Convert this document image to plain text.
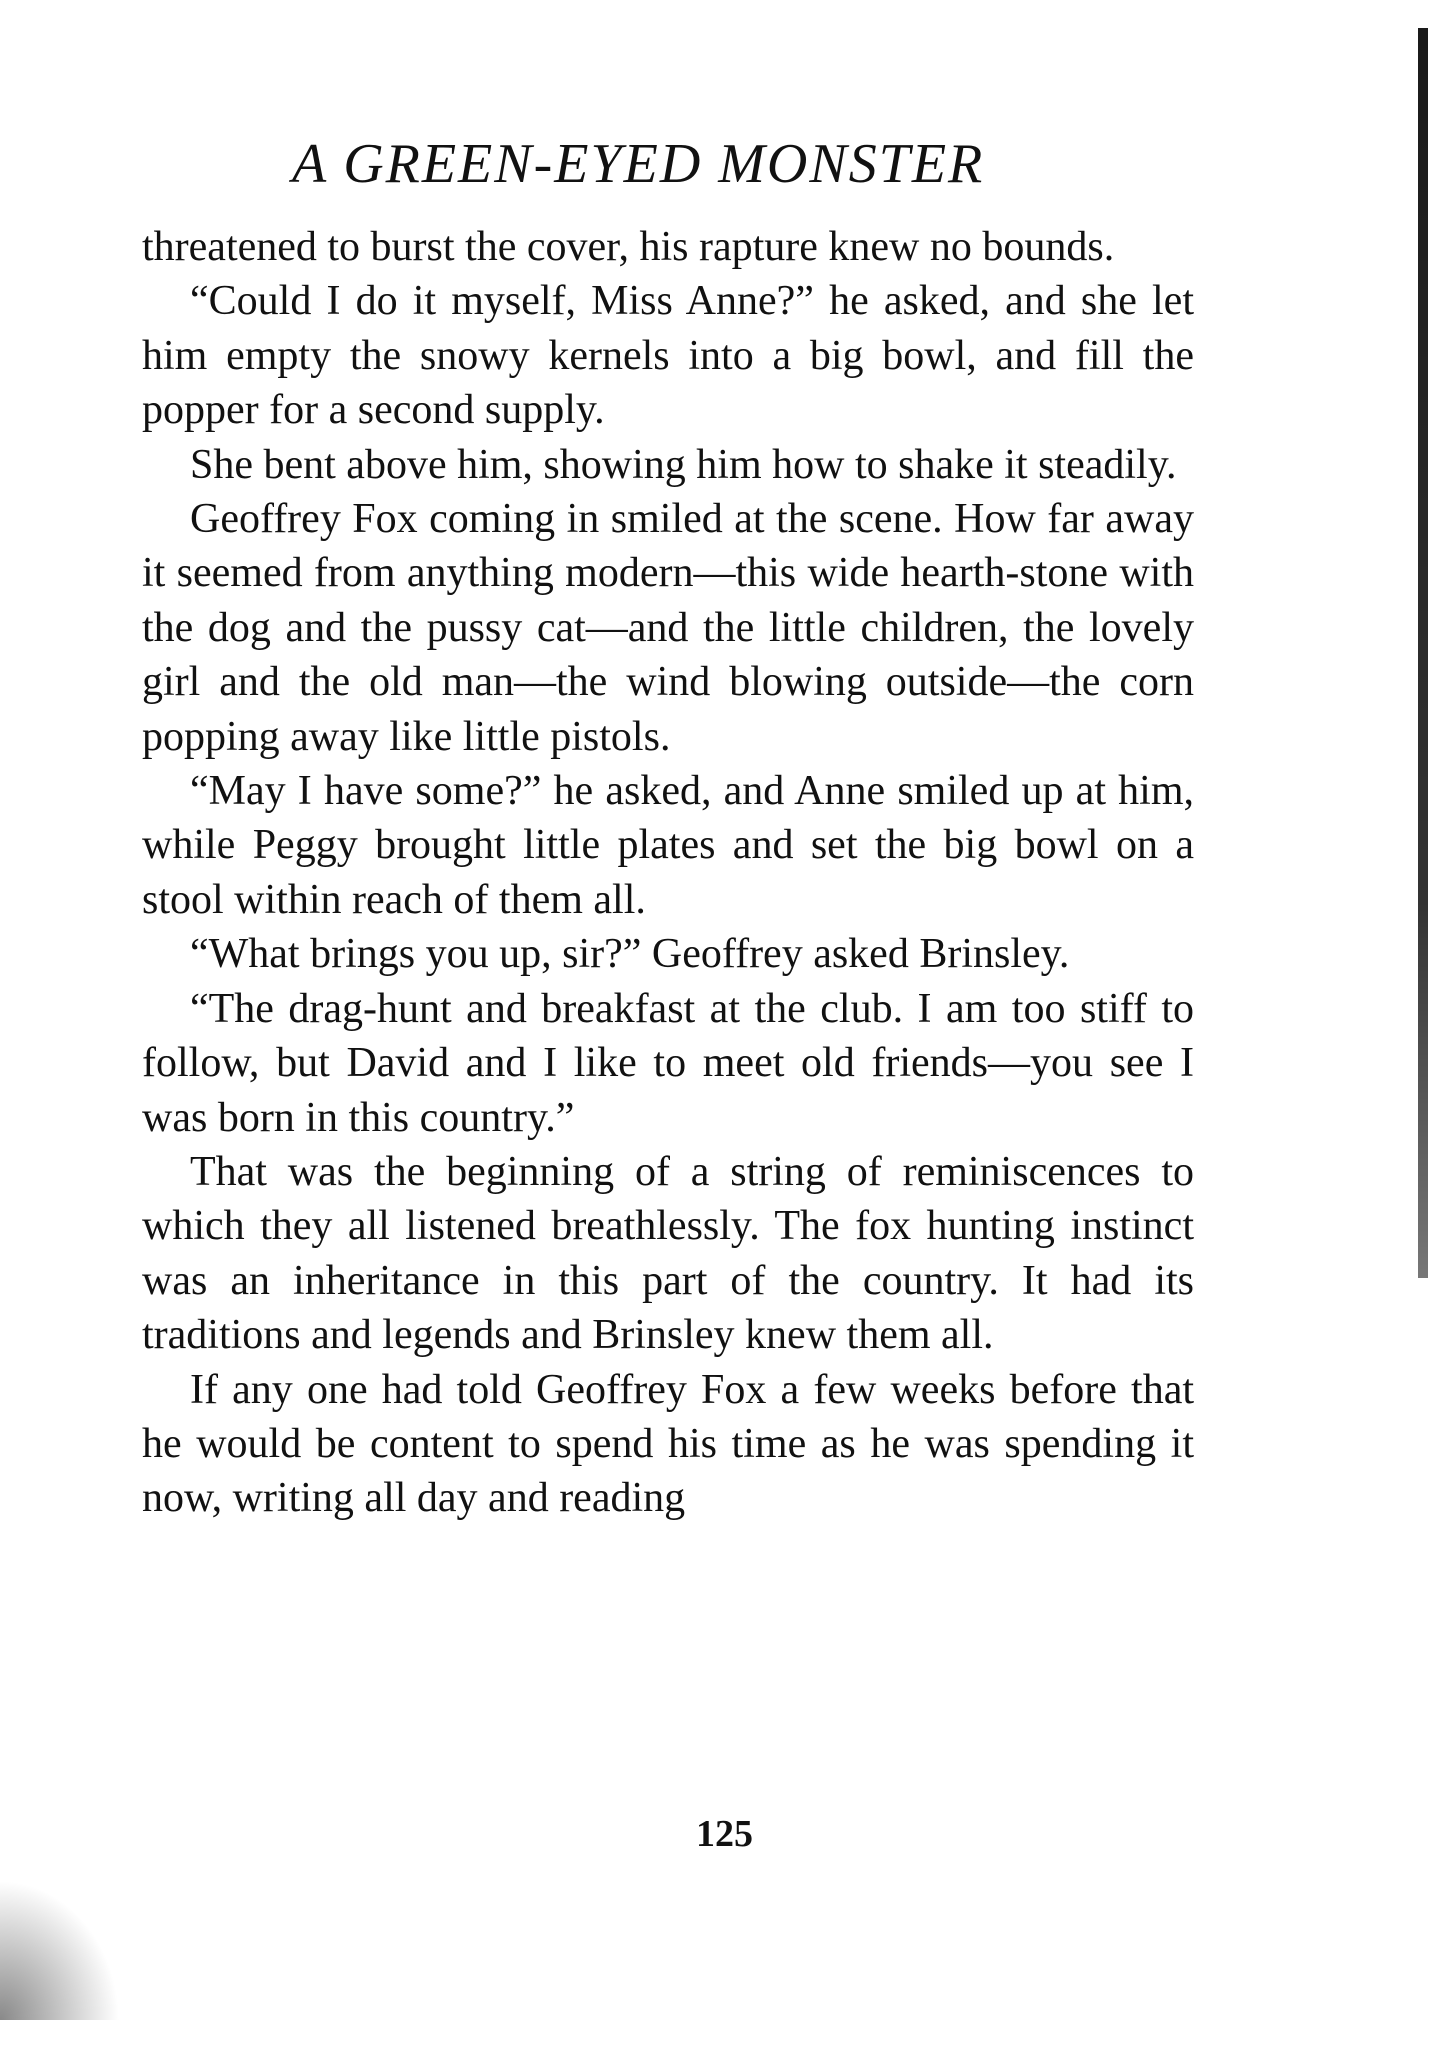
A GREEN-EYED MONSTER

threatened to burst the cover, his rapture knew no bounds.

“Could I do it myself, Miss Anne?” he asked, and she let him empty the snowy kernels into a big bowl, and fill the popper for a second supply.

She bent above him, showing him how to shake it steadily.

Geoffrey Fox coming in smiled at the scene. How far away it seemed from anything modern—this wide hearth-stone with the dog and the pussy cat—and the little children, the lovely girl and the old man—the wind blowing outside—the corn popping away like little pistols.

“May I have some?” he asked, and Anne smiled up at him, while Peggy brought little plates and set the big bowl on a stool within reach of them all.

“What brings you up, sir?” Geoffrey asked Brinsley.

“The drag-hunt and breakfast at the club. I am too stiff to follow, but David and I like to meet old friends—you see I was born in this country.”

That was the beginning of a string of reminiscences to which they all listened breathlessly. The fox hunting instinct was an inheritance in this part of the country. It had its traditions and legends and Brinsley knew them all.

If any one had told Geoffrey Fox a few weeks before that he would be content to spend his time as he was spending it now, writing all day and reading

125
